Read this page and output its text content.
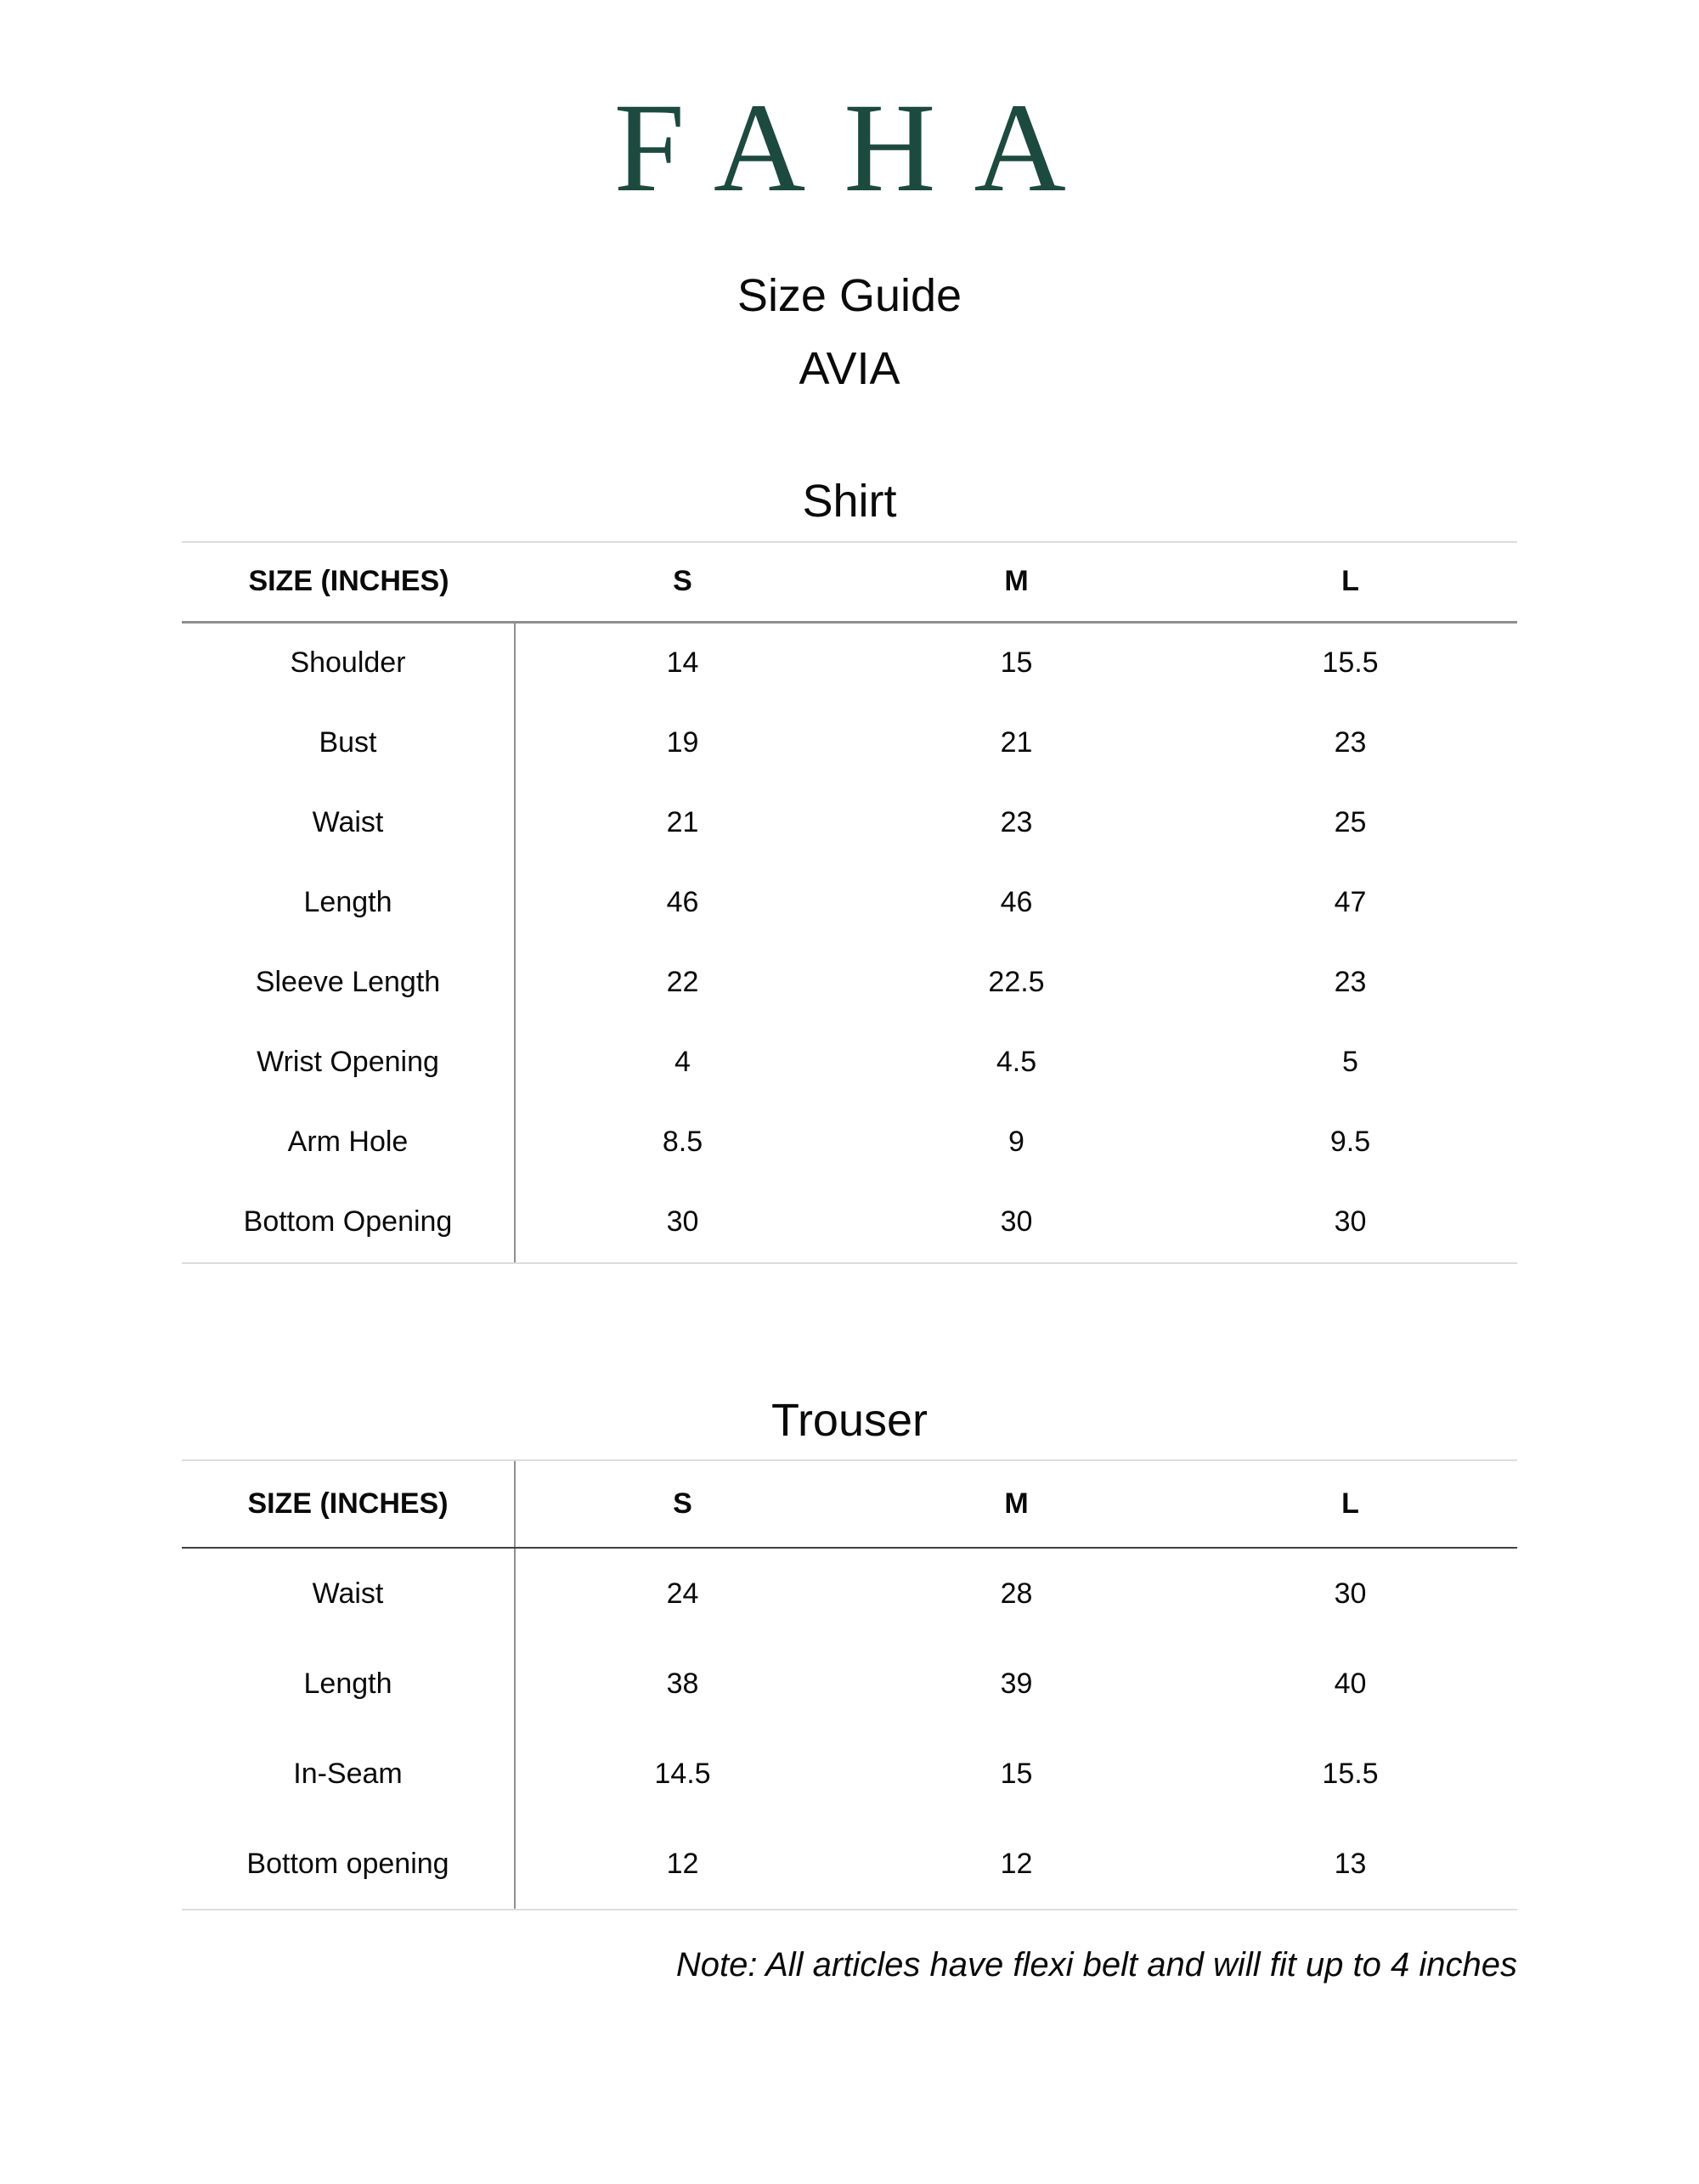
FAHA
Size Guide
AVIA
Shirt
SIZE (INCHES)	S	M	L
Shoulder	14	15	15.5
Bust	19	21	23
Waist	21	23	25
Length	46	46	47
Sleeve Length	22	22.5	23
Wrist Opening	4	4.5	5
Arm Hole	8.5	9	9.5
Bottom Opening	30	30	30
Trouser
SIZE (INCHES)	S	M	L
Waist	24	28	30
Length	38	39	40
In-Seam	14.5	15	15.5
Bottom opening	12	12	13
Note: All articles have flexi belt and will fit up to 4 inches
